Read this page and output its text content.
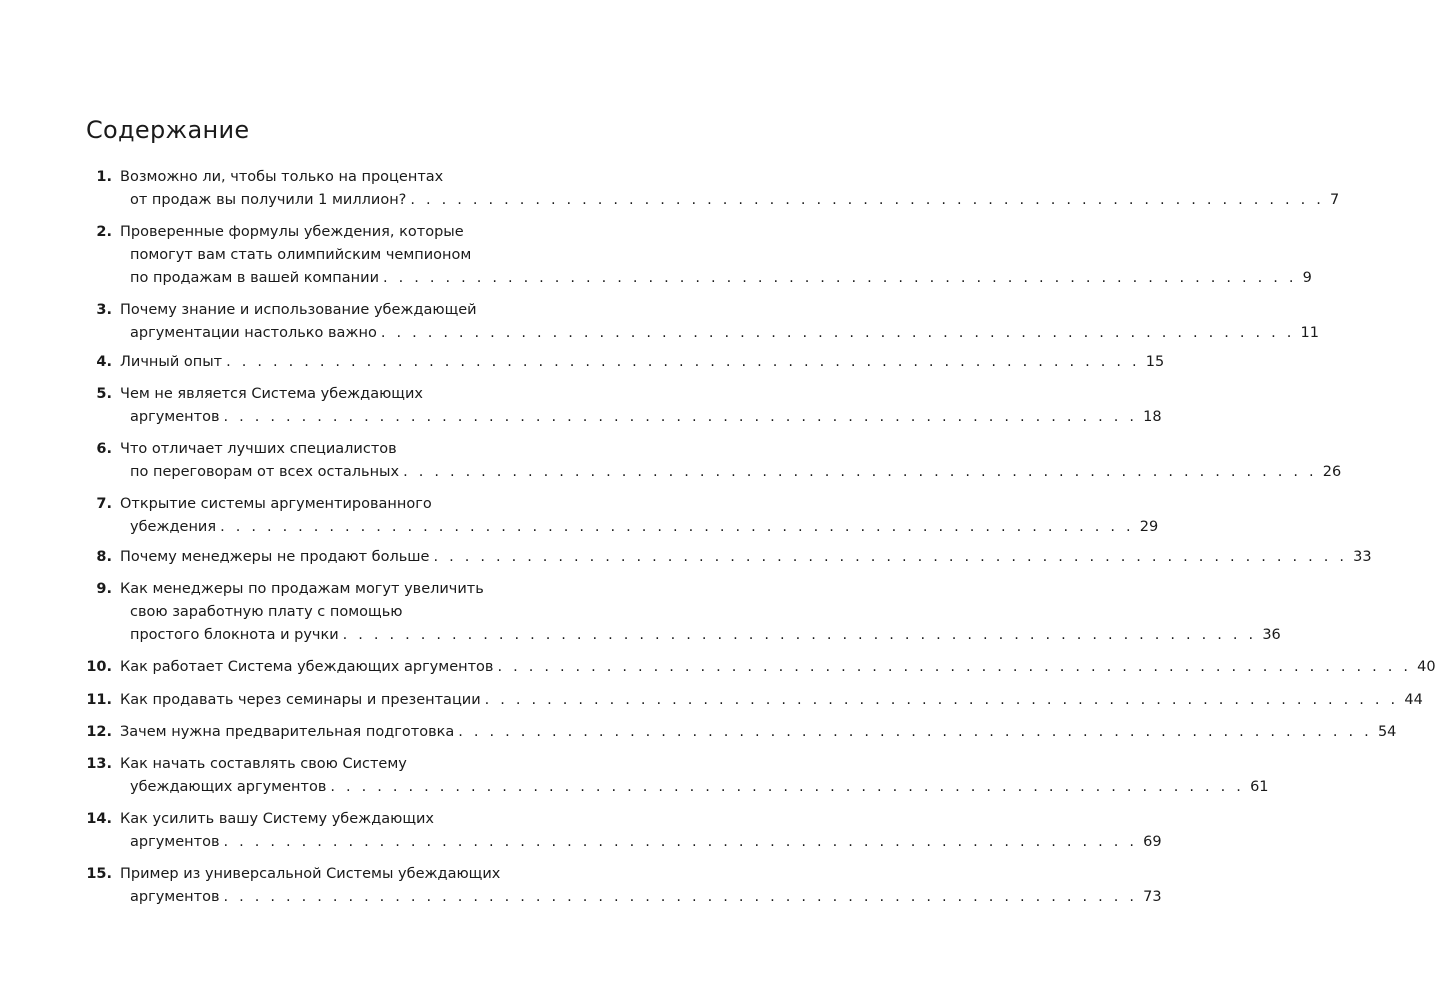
Содержание
1. Возможно ли, чтобы только на процентах
от продаж вы получили 1 миллион? . . . . . . . . . . . . . . . . . . . . . . . . . . . . . . . . . . . . . . . . . . . . . . . . . . . . . . . . . . . 7
2. Проверенные формулы убеждения, которые
помогут вам стать олимпийским чемпионом
по продажам в вашей компании . . . . . . . . . . . . . . . . . . . . . . . . . . . . . . . . . . . . . . . . . . . . . . . . . . . . . . . . . . . 9
3. Почему знание и использование убеждающей
аргументации настолько важно . . . . . . . . . . . . . . . . . . . . . . . . . . . . . . . . . . . . . . . . . . . . . . . . . . . . . . . . . . . 11
4. Личный опыт . . . . . . . . . . . . . . . . . . . . . . . . . . . . . . . . . . . . . . . . . . . . . . . . . . . . . . . . . . . 15
5. Чем не является Система убеждающих
аргументов . . . . . . . . . . . . . . . . . . . . . . . . . . . . . . . . . . . . . . . . . . . . . . . . . . . . . . . . . . . 18
6. Что отличает лучших специалистов
по переговорам от всех остальных . . . . . . . . . . . . . . . . . . . . . . . . . . . . . . . . . . . . . . . . . . . . . . . . . . . . . . . . . . . 26
7. Открытие системы аргументированного
убеждения . . . . . . . . . . . . . . . . . . . . . . . . . . . . . . . . . . . . . . . . . . . . . . . . . . . . . . . . . . . 29
8. Почему менеджеры не продают больше . . . . . . . . . . . . . . . . . . . . . . . . . . . . . . . . . . . . . . . . . . . . . . . . . . . . . . . . . . . 33
9. Как менеджеры по продажам могут увеличить
свою заработную плату с помощью
простого блокнота и ручки . . . . . . . . . . . . . . . . . . . . . . . . . . . . . . . . . . . . . . . . . . . . . . . . . . . . . . . . . . . 36
10. Как работает Система убеждающих аргументов . . . . . . . . . . . . . . . . . . . . . . . . . . . . . . . . . . . . . . . . . . . . . . . . . . . . . . . . . . . 40
11. Как продавать через семинары и презентации . . . . . . . . . . . . . . . . . . . . . . . . . . . . . . . . . . . . . . . . . . . . . . . . . . . . . . . . . . . 44
12. Зачем нужна предварительная подготовка . . . . . . . . . . . . . . . . . . . . . . . . . . . . . . . . . . . . . . . . . . . . . . . . . . . . . . . . . . . 54
13. Как начать составлять свою Систему
убеждающих аргументов . . . . . . . . . . . . . . . . . . . . . . . . . . . . . . . . . . . . . . . . . . . . . . . . . . . . . . . . . . . 61
14. Как усилить вашу Систему убеждающих
аргументов . . . . . . . . . . . . . . . . . . . . . . . . . . . . . . . . . . . . . . . . . . . . . . . . . . . . . . . . . . . 69
15. Пример из универсальной Системы убеждающих
аргументов . . . . . . . . . . . . . . . . . . . . . . . . . . . . . . . . . . . . . . . . . . . . . . . . . . . . . . . . . . . 73
